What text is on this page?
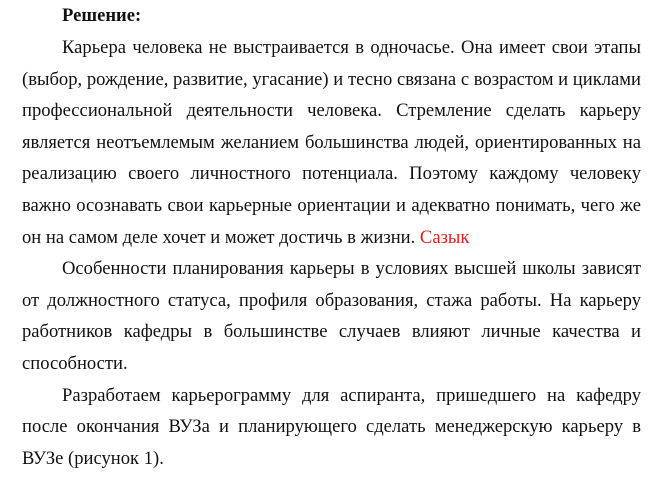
Решение:

Карьера человека не выстраивается в одночасье. Она имеет свои этапы (выбор, рождение, развитие, угасание) и тесно связана с возрастом и циклами профессиональной деятельности человека. Стремление сделать карьеру является неотъемлемым желанием большинства людей, ориентированных на реализацию своего личностного потенциала. Поэтому каждому человеку важно осознавать свои карьерные ориентации и адекватно понимать, чего же он на самом деле хочет и может достичь в жизни. Сазык

Особенности планирования карьеры в условиях высшей школы зависят от должностного статуса, профиля образования, стажа работы. На карьеру работников кафедры в большинстве случаев влияют личные качества и способности.

Разработаем карьерограмму для аспиранта, пришедшего на кафедру после окончания ВУЗа и планирующего сделать менеджерскую карьеру в ВУЗе (рисунок 1).
